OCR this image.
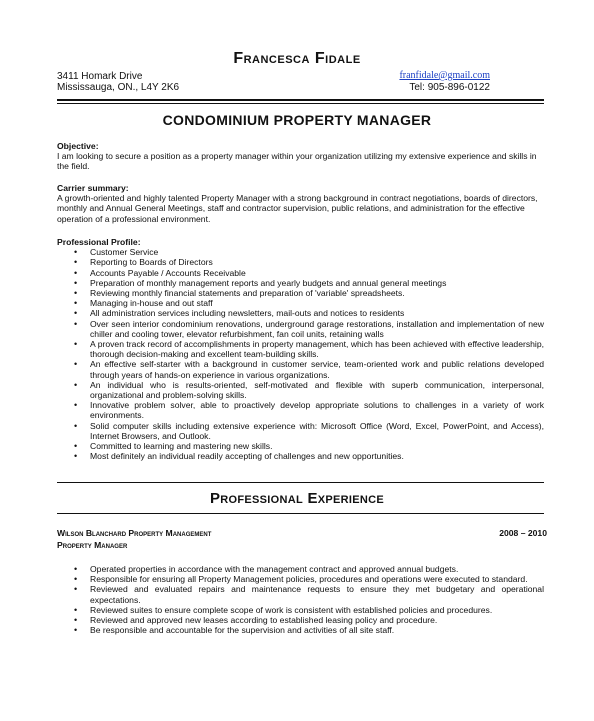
Francesca Fidale
3411 Homark Drive
Mississauga, ON., L4Y 2K6
franfidale@gmail.com
Tel: 905-896-0122
CONDOMINIUM PROPERTY MANAGER
Objective:

I am looking to secure a position as a property manager within your organization utilizing my extensive experience and skills in the field.

Carrier summary:

A growth-oriented and highly talented Property Manager with a strong background in contract negotiations, boards of directors, monthly and Annual General Meetings, staff and contractor supervision, public relations, and administration for the effective operation of a professional environment.

Professional Profile:
• Customer Service
• Reporting to Boards of Directors
• Accounts Payable / Accounts Receivable
• Preparation of monthly management reports and yearly budgets and annual general meetings
• Reviewing monthly financial statements and preparation of 'variable' spreadsheets.
• Managing in-house and out staff
• All administration services including newsletters, mail-outs and notices to residents
• Over seen interior condominium renovations, underground garage restorations, installation and implementation of new chiller and cooling tower, elevator refurbishment, fan coil units, retaining walls
• A proven track record of accomplishments in property management, which has been achieved with effective leadership, thorough decision-making and excellent team-building skills.
• An effective self-starter with a background in customer service, team-oriented work and public relations developed through years of hands-on experience in various organizations.
• An individual who is results-oriented, self-motivated and flexible with superb communication, interpersonal, organizational and problem-solving skills.
• Innovative problem solver, able to proactively develop appropriate solutions to challenges in a variety of work environments.
• Solid computer skills including extensive experience with: Microsoft Office (Word, Excel, PowerPoint, and Access), Internet Browsers, and Outlook.
• Committed to learning and mastering new skills.
• Most definitely an individual readily accepting of challenges and new opportunities.
Professional Experience
Wilson Blanchard Property Management	2008 – 2010
Property Manager
• Operated properties in accordance with the management contract and approved annual budgets.
• Responsible for ensuring all Property Management policies, procedures and operations were executed to standard.
• Reviewed and evaluated repairs and maintenance requests to ensure they met budgetary and operational expectations.
• Reviewed suites to ensure complete scope of work is consistent with established policies and procedures.
• Reviewed and approved new leases according to established leasing policy and procedure.
• Be responsible and accountable for the supervision and activities of all site staff.
